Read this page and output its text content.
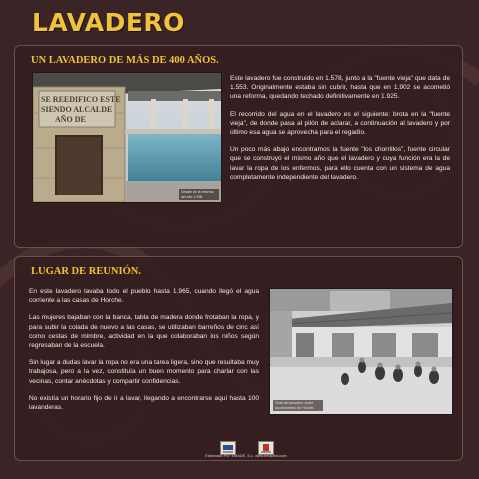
LAVADERO
UN LAVADERO DE MÁS DE 400 AÑOS.
SE REEDIFICO ESTE
SIENDO ALCALDE
AÑO DE
Detalle de la reforma del año 1.908

Este lavadero fue construido en 1.578, junto a la "fuente vieja" que data de 1.553. Originalmente estaba sin cubrir, hasta que en 1.902 se acometió una reforma, quedando techado definitivamente en 1.925.

El recorrido del agua en el lavadero es el siguiente: brota en la "fuente vieja", de donde pasa al pilón de aclarar, a continuación al lavadero y por último esa agua se aprovecha para el regadío.

Un poco más abajo encontramos la fuente "los chorrillos", fuente circular que se construyó el mismo año que el lavadero y cuya función era la de lavar la ropa de los enfermos, para ello cuenta con un sistema de agua completamente independiente del lavadero.

LUGAR DE REUNIÓN.

En este lavadero lavaba todo el pueblo hasta 1.965, cuando llegó el agua corriente a las casas de Horche.

Las mujeres bajaban con la banca, tabla de madera donde frotaban la ropa, y para subir la colada de nuevo a las casas, se utilizaban barreños de cinc así como cestas de mimbre, actividad en la que colaboraban los niños según regresaban de la escuela.

Sin lugar a dudas lavar la ropa no era una tarea ligera, sino que resultaba muy trabajosa, pero a la vez, constituía un buen momento para charlar con las vecinas, contar anécdotas y compartir confidencias.

No existía un horario fijo de ir a lavar, llegando a encontrarse aquí hasta 100 lavanderas.

Vista del lavadero. Autor: Ayuntamiento de Horche.
Elaborado Por: EMADE, S.L. www.emadesl.com
